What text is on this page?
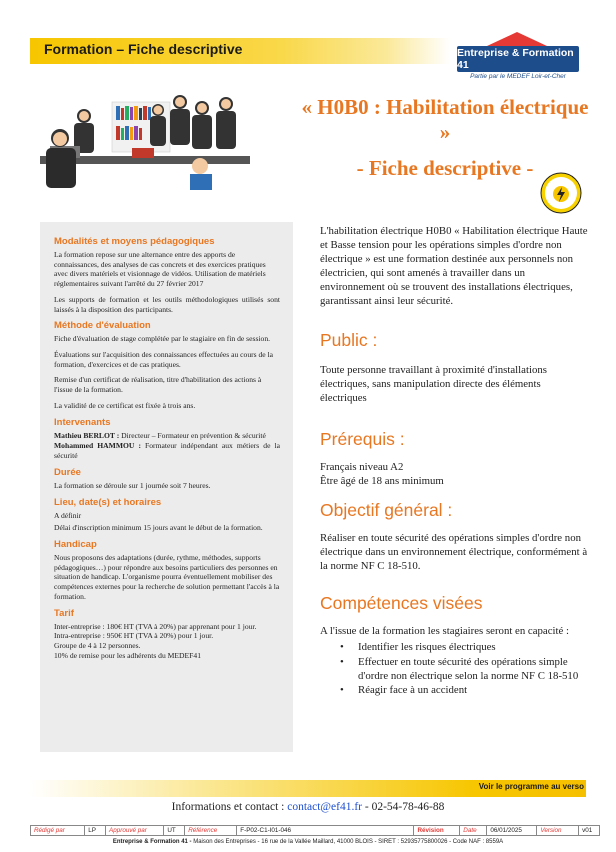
Formation – Fiche descriptive	Entreprise & Formation 41
Partie par le MEDEF Loir-et-Cher
« H0B0 : Habilitation électrique »
- Fiche descriptive -
Modalités et moyens pédagogiques

La formation repose sur une alternance entre des apports de connaissances, des analyses de cas concrets et des exercices pratiques avec divers matériels et visionnage de vidéos. Utilisation de matériels réglementaires suivant l'arrêté du 27 février 2017

Les supports de formation et les outils méthodologiques utilisés sont laissés à la disposition des participants.

Méthode d'évaluation

Fiche d'évaluation de stage complétée par le stagiaire en fin de session.

Évaluations sur l'acquisition des connaissances effectuées au cours de la formation, d'exercices et de cas pratiques.

Remise d'un certificat de réalisation, titre d'habilitation des actions à l'issue de la formation.

La validité de ce certificat est fixée à trois ans.

Intervenants

Mathieu BERLOT : Directeur – Formateur en prévention & sécurité

Mohammed HAMMOU : Formateur indépendant aux métiers de la sécurité

Durée

La formation se déroule sur 1 journée soit 7 heures.

Lieu, date(s) et horaires

A définir

Délai d'inscription minimum 15 jours avant le début de la formation.

Handicap

Nous proposons des adaptations (durée, rythme, méthodes, supports pédagogiques…) pour répondre aux besoins particuliers des personnes en situation de handicap. L'organisme pourra éventuellement mobiliser des compétences externes pour la recherche de solution permettant l'accès à la formation.

Tarif

Inter-entreprise : 180€ HT (TVA à 20%) par apprenant pour 1 jour.

Intra-entreprise : 950€ HT (TVA à 20%) pour 1 jour.

Groupe de 4 à 12 personnes.

10% de remise pour les adhérents du MEDEF41

L'habilitation électrique H0B0 « Habilitation électrique Haute et Basse tension pour les opérations simples d'ordre non électrique » est une formation destinée aux personnels non électricien, qui sont amenés à travailler dans un environnement où se trouvent des installations électriques, garantissant ainsi leur sécurité.

Public :

Toute personne travaillant à proximité d'installations électriques, sans manipulation directe des éléments électriques

Prérequis :

Français niveau A2

Être âgé de 18 ans minimum

Objectif général :

Réaliser en toute sécurité des opérations simples d'ordre non électrique dans un environnement électrique, conformément à la norme NF C 18-510.

Compétences visées

A l'issue de la formation les stagiaires seront en capacité :

• Identifier les risques électriques
• Effectuer en toute sécurité des opérations simple d'ordre non électrique selon la norme NF C 18-510
• Réagir face à un accident
Voir le programme au verso
Informations et contact : contact@ef41.fr - 02-54-78-46-88
Rédigé par	LP	Approuvé par	UT	Référence	F-P02-C1-I01-046	Révision	Date	06/01/2025	Version	v01
Entreprise & Formation 41 - Maison des Entreprises - 16 rue de la Vallée Maillard, 41000 BLOIS - SIRET : 52935775800026 - Code NAF : 8559A
